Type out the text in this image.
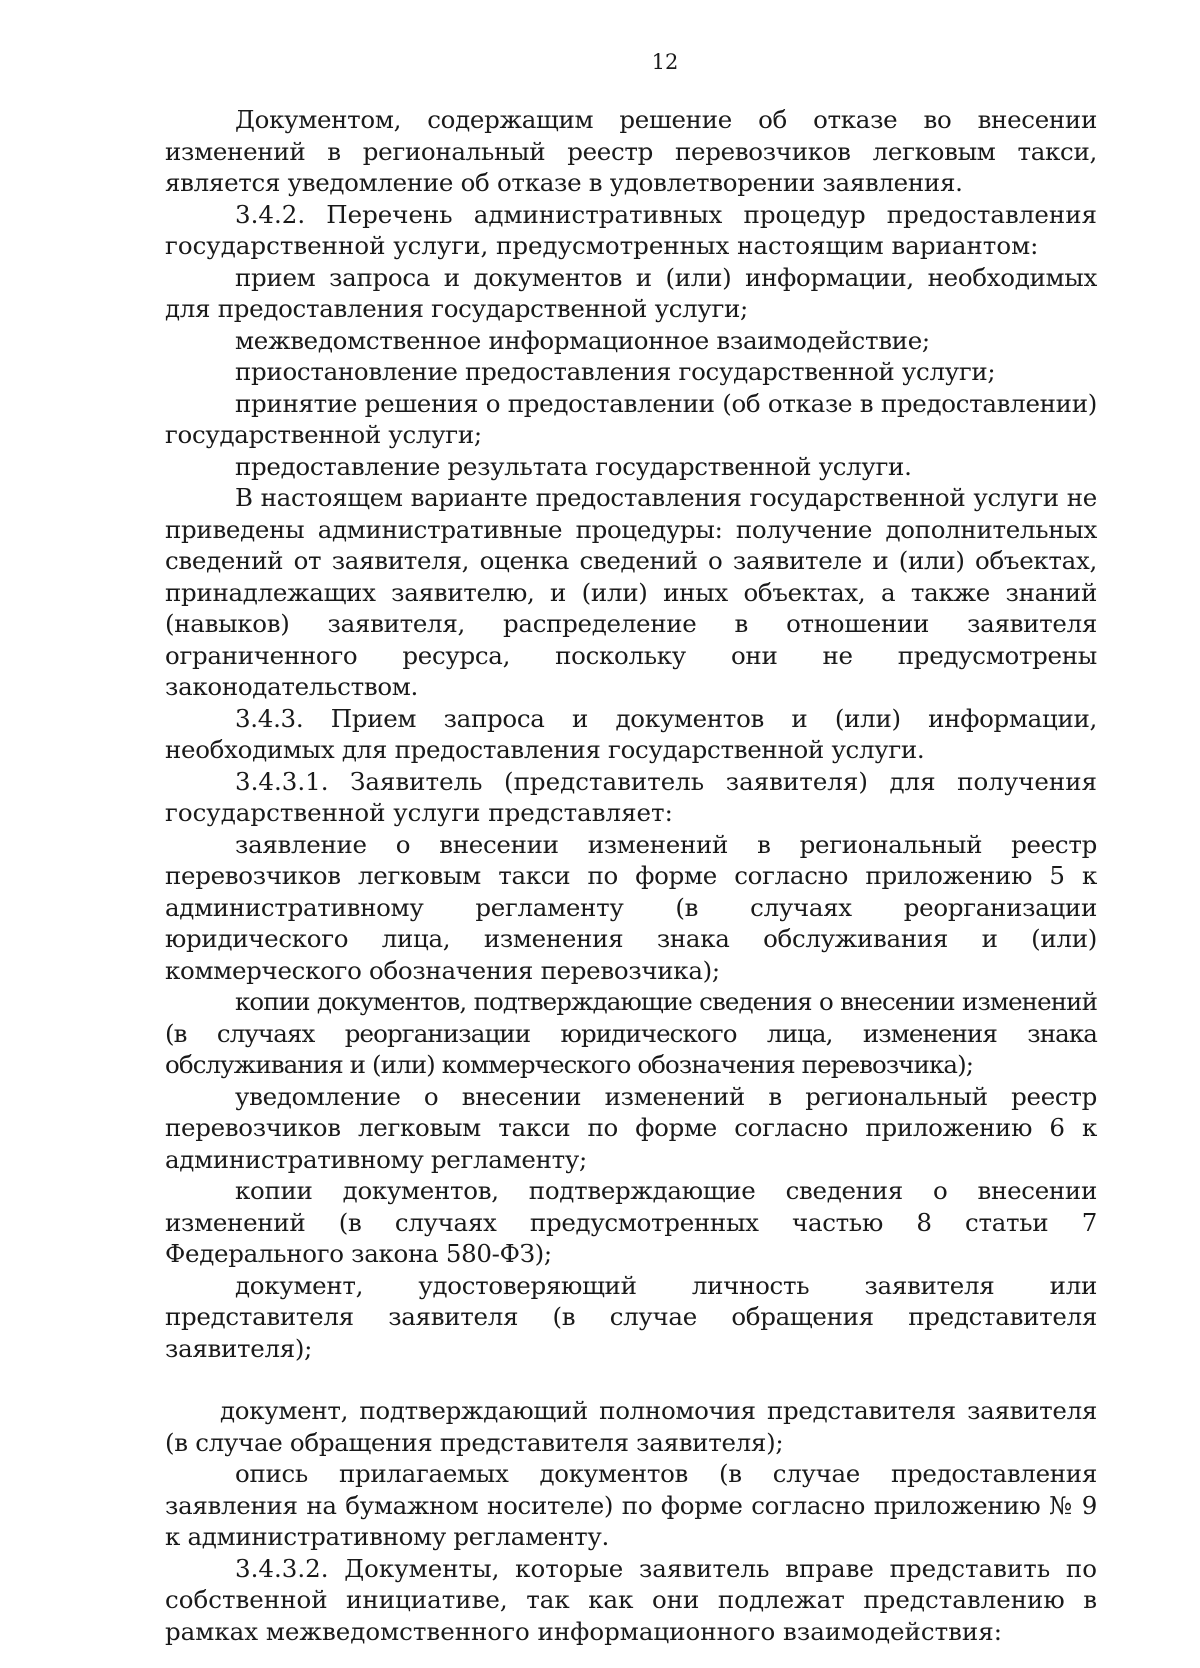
12

Документом, содержащим решение об отказе во внесении изменений в региональный реестр перевозчиков легковым такси, является уведомление об отказе в удовлетворении заявления.

3.4.2. Перечень административных процедур предоставления государственной услуги, предусмотренных настоящим вариантом:

прием запроса и документов и (или) информации, необходимых для предоставления государственной услуги;

межведомственное информационное взаимодействие;

приостановление предоставления государственной услуги;

принятие решения о предоставлении (об отказе в предоставлении) государственной услуги;

предоставление результата государственной услуги.

В настоящем варианте предоставления государственной услуги не приведены административные процедуры: получение дополнительных сведений от заявителя, оценка сведений о заявителе и (или) объектах, принадлежащих заявителю, и (или) иных объектах, а также знаний (навыков) заявителя, распределение в отношении заявителя ограниченного ресурса, поскольку они не предусмотрены законодательством.

3.4.3. Прием запроса и документов и (или) информации, необходимых для предоставления государственной услуги.

3.4.3.1. Заявитель (представитель заявителя) для получения государственной услуги представляет:

заявление о внесении изменений в региональный реестр перевозчиков легковым такси по форме согласно приложению 5 к административному регламенту (в случаях реорганизации юридического лица, изменения знака обслуживания и (или) коммерческого обозначения перевозчика);

копии документов, подтверждающие сведения о внесении изменений (в случаях реорганизации юридического лица, изменения знака обслуживания и (или) коммерческого обозначения перевозчика);

уведомление о внесении изменений в региональный реестр перевозчиков легковым такси по форме согласно приложению 6 к административному регламенту;

копии документов, подтверждающие сведения о внесении изменений (в случаях предусмотренных частью 8 статьи 7 Федерального закона 580-ФЗ);

документ, удостоверяющий личность заявителя или представителя заявителя (в случае обращения представителя заявителя);

документ, подтверждающий полномочия представителя заявителя (в случае обращения представителя заявителя);

опись прилагаемых документов (в случае предоставления заявления на бумажном носителе) по форме согласно приложению № 9 к административному регламенту.

3.4.3.2. Документы, которые заявитель вправе представить по собственной инициативе, так как они подлежат представлению в рамках межведомственного информационного взаимодействия:
